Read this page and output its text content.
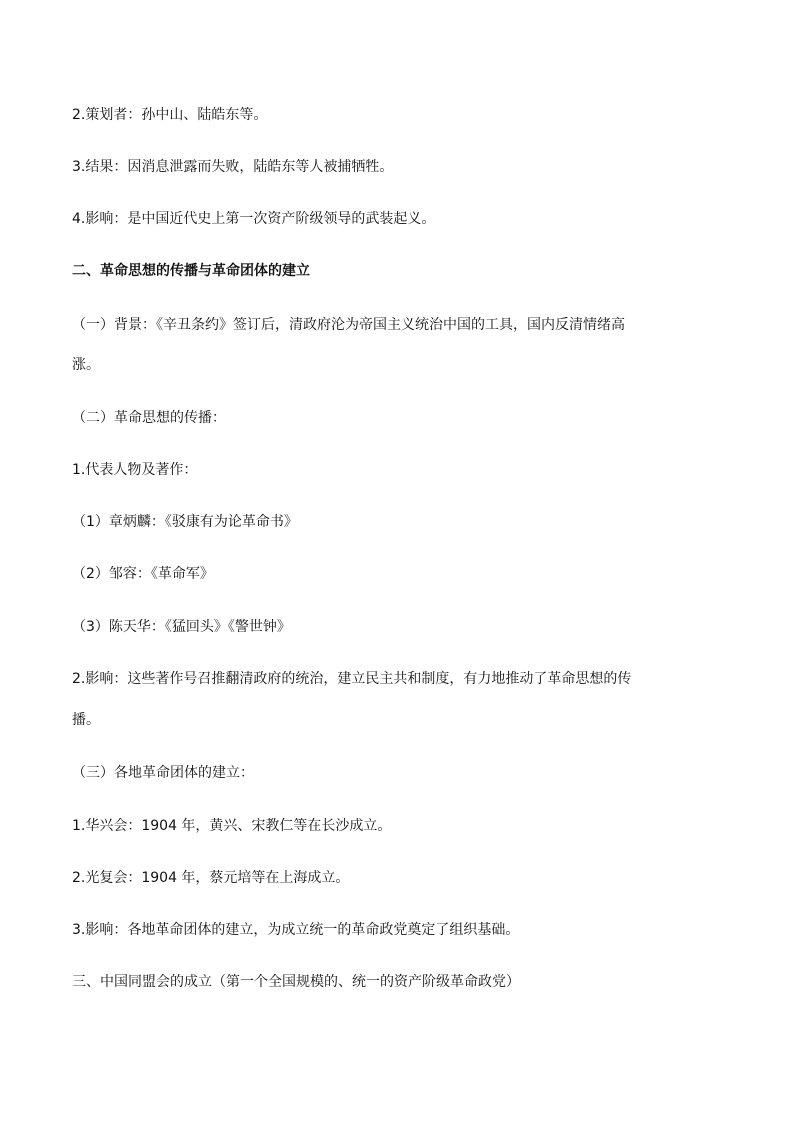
2.策划者：孙中山、陆皓东等。
3.结果：因消息泄露而失败，陆皓东等人被捕牺牲。
4.影响：是中国近代史上第一次资产阶级领导的武装起义。
二、革命思想的传播与革命团体的建立
（一）背景：《辛丑条约》签订后，清政府沦为帝国主义统治中国的工具，国内反清情绪高
涨。
（二）革命思想的传播：
1.代表人物及著作：
（1）章炳麟：《驳康有为论革命书》
（2）邹容：《革命军》
（3）陈天华：《猛回头》《警世钟》
2.影响：这些著作号召推翻清政府的统治，建立民主共和制度，有力地推动了革命思想的传
播。
（三）各地革命团体的建立：
1.华兴会：1904 年，黄兴、宋教仁等在长沙成立。
2.光复会：1904 年，蔡元培等在上海成立。
3.影响：各地革命团体的建立，为成立统一的革命政党奠定了组织基础。
三、中国同盟会的成立（第一个全国规模的、统一的资产阶级革命政党）
